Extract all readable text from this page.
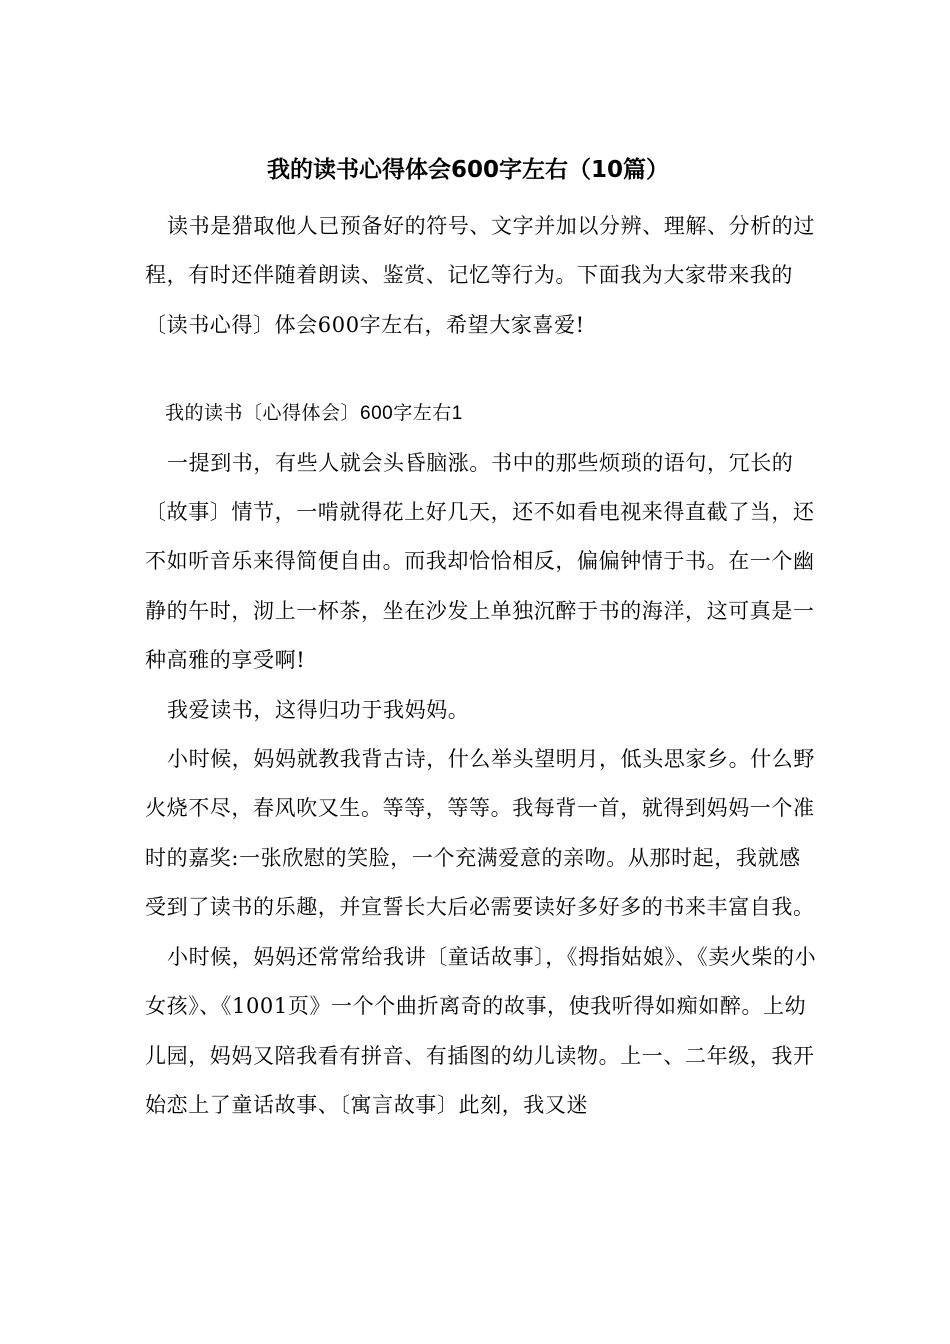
我的读书心得体会600字左右（10篇）

读书是猎取他人已预备好的符号、文字并加以分辨、理解、分析的过程，有时还伴随着朗读、鉴赏、记忆等行为。下面我为大家带来我的〔读书心得〕体会600字左右，希望大家喜爱!

我的读书〔心得体会〕600字左右1

一提到书，有些人就会头昏脑涨。书中的那些烦琐的语句，冗长的〔故事〕情节，一啃就得花上好几天，还不如看电视来得直截了当，还不如听音乐来得简便自由。而我却恰恰相反，偏偏钟情于书。在一个幽静的午时，沏上一杯茶，坐在沙发上单独沉醉于书的海洋，这可真是一种高雅的享受啊!

我爱读书，这得归功于我妈妈。

小时候，妈妈就教我背古诗，什么举头望明月，低头思家乡。什么野火烧不尽，春风吹又生。等等，等等。我每背一首，就得到妈妈一个准时的嘉奖:一张欣慰的笑脸，一个充满爱意的亲吻。从那时起，我就感受到了读书的乐趣，并宣誓长大后必需要读好多好多的书来丰富自我。

小时候，妈妈还常常给我讲〔童话故事〕，《拇指姑娘》、《卖火柴的小女孩》、《1001页》一个个曲折离奇的故事，使我听得如痴如醉。上幼儿园，妈妈又陪我看有拼音、有插图的幼儿读物。上一、二年级，我开始恋上了童话故事、〔寓言故事〕此刻，我又迷
